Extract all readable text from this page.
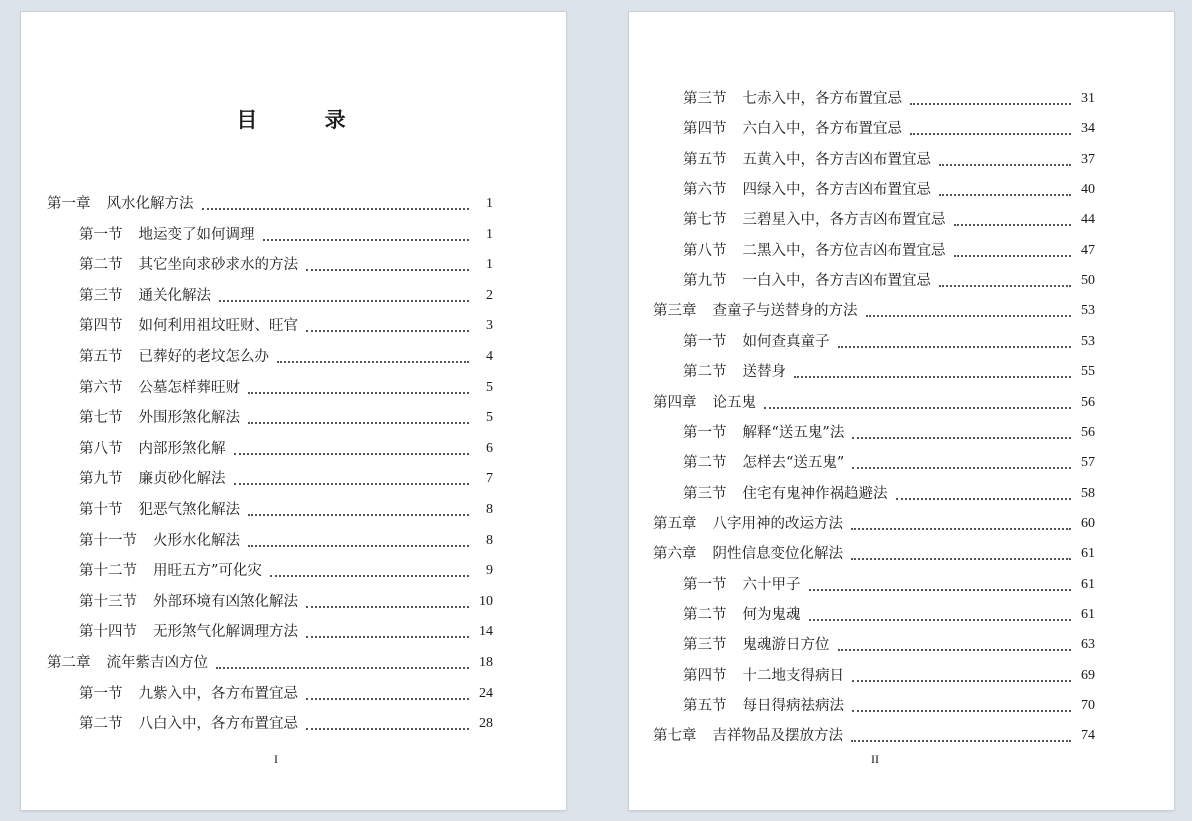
目 录
第一章 风水化解方法	1
第一节 地运变了如何调理	1
第二节 其它坐向求砂求水的方法	1
第三节 通关化解法	2
第四节 如何利用祖坟旺财、旺官	3
第五节 已葬好的老坟怎么办	4
第六节 公墓怎样葬旺财	5
第七节 外围形煞化解法	5
第八节 内部形煞化解	6
第九节 廉贞砂化解法	7
第十节 犯恶气煞化解法	8
第十一节 火形水化解法	8
第十二节 用旺五方”可化灾	9
第十三节 外部环境有凶煞化解法	10
第十四节 无形煞气化解调理方法	14
第二章 流年紫吉凶方位	18
第一节 九紫入中，各方布置宜忌	24
第二节 八白入中，各方布置宜忌	28
I
第三节 七赤入中，各方布置宜忌	31
第四节 六白入中，各方布置宜忌	34
第五节 五黄入中，各方吉凶布置宜忌	37
第六节 四绿入中，各方吉凶布置宜忌	40
第七节 三碧星入中，各方吉凶布置宜忌	44
第八节 二黑入中，各方位吉凶布置宜忌	47
第九节 一白入中，各方吉凶布置宜忌	50
第三章 查童子与送替身的方法	53
第一节 如何查真童子	53
第二节 送替身	55
第四章 论五鬼	56
第一节 解释“送五鬼”法	56
第二节 怎样去“送五鬼”	57
第三节 住宅有鬼神作祸趋避法	58
第五章 八字用神的改运方法	60
第六章 阴性信息变位化解法	61
第一节 六十甲子	61
第二节 何为鬼魂	61
第三节 鬼魂游日方位	63
第四节 十二地支得病日	69
第五节 每日得病祛病法	70
第七章 吉祥物品及摆放方法	74
II
